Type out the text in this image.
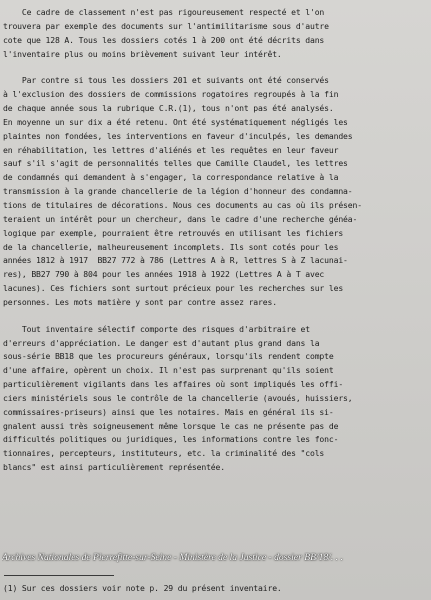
Ce cadre de classement n'est pas rigoureusement respecté et l'on
trouvera par exemple des documents sur l'antimilitarisme sous d'autre
cote que 128 A. Tous les dossiers cotés 1 à 200 ont été décrits dans
l'inventaire plus ou moins brièvement suivant leur intérêt.

Par contre si tous les dossiers 201 et suivants ont été conservés
à l'exclusion des dossiers de commissions rogatoires regroupés à la fin
de chaque année sous la rubrique C.R.(1), tous n'ont pas été analysés.
En moyenne un sur dix a été retenu. Ont été systématiquement négligés les
plaintes non fondées, les interventions en faveur d'inculpés, les demandes
en réhabilitation, les lettres d'aliénés et les requêtes en leur faveur
sauf s'il s'agit de personnalités telles que Camille Claudel, les lettres
de condamnés qui demandent à s'engager, la correspondance relative à la
transmission à la grande chancellerie de la légion d'honneur des condamna-
tions de titulaires de décorations. Nous ces documents au cas où ils présen-
teraient un intérêt pour un chercheur, dans le cadre d'une recherche généa-
logique par exemple, pourraient être retrouvés en utilisant les fichiers
de la chancellerie, malheureusement incomplets. Ils sont cotés pour les
années 1812 à 1917  BB27 772 à 786 (Lettres A à R, lettres S à Z lacunai-
res), BB27 790 à 804 pour les années 1918 à 1922 (Lettres A à T avec
lacunes). Ces fichiers sont surtout précieux pour les recherches sur les
personnes. Les mots matière y sont par contre assez rares.

Tout inventaire sélectif comporte des risques d'arbitraire et
d'erreurs d'appréciation. Le danger est d'autant plus grand dans la
sous-série BB18 que les procureurs généraux, lorsqu'ils rendent compte
d'une affaire, opèrent un choix. Il n'est pas surprenant qu'ils soient
particulièrement vigilants dans les affaires où sont impliqués les offi-
ciers ministériels sous le contrôle de la chancellerie (avoués, huissiers,
commissaires-priseurs) ainsi que les notaires. Mais en général ils si-
gnalent aussi très soigneusement même lorsque le cas ne présente pas de
difficultés politiques ou juridiques, les informations contre les fonc-
tionnaires, percepteurs, instituteurs, etc. la criminalité des "cols
blancs" est ainsi particulièrement représentée.

Archives Nationales de Pierrefitte-sur-Seine - Ministère de la Justice - dossier BB/18/. . .
(1) Sur ces dossiers voir note p. 29 du présent inventaire.
